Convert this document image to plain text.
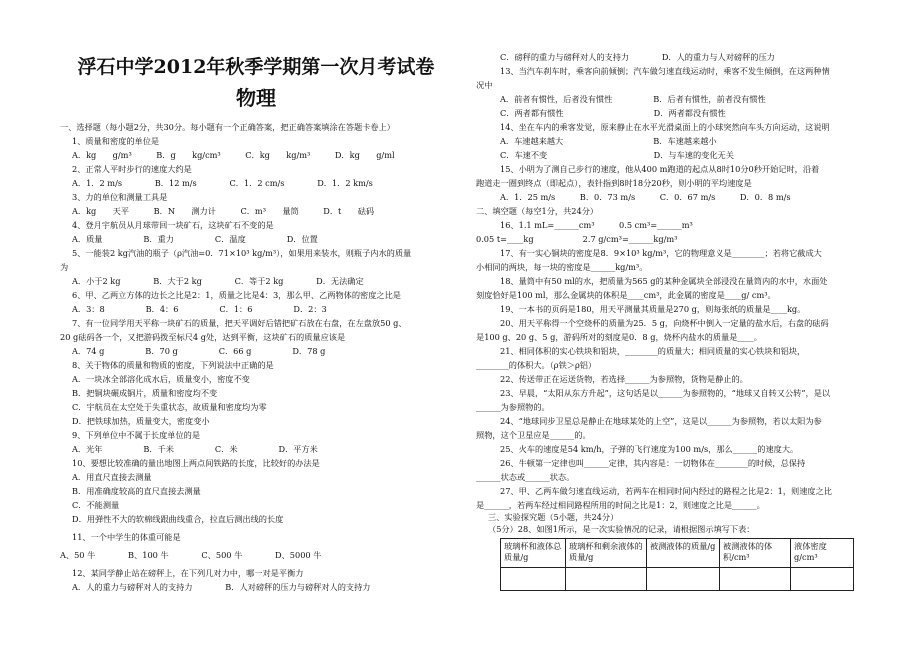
浮石中学2012年秋季学期第一次月考试卷
物理
一、选择题（每小题2分，共30分。每小题有一个正确答案，把正确答案填涂在答题卡卷上）
1、质量和密度的单位是
A．kg　　g/m³　　　B．g　　kg/cm³　　　C．kg　　kg/m³　　　D．kg　　g/ml
2、正常人平时步行的速度大约是
A．1．2 m/s　　　　B．12 m/s　　　　C．1．2 cm/s　　　　D．1．2 km/s
3、力的单位和测量工具是
A．kg　　天平　　　B．N　　测力计　　　C．m³　　量筒　　　D．t　　砝码
4、登月宇航员从月球带回一块矿石，这块矿石不变的是
A．质量　　　　　B．重力　　　　　C．温度　　　　　D．位置
5、一能装2 kg汽油的瓶子（ρ汽油=0．71×10³ kg/m³），如果用来装水，则瓶子内水的质量
为
A．小于2 kg　　　　B．大于2 kg　　　　C．等于2 kg　　　　D．无法确定
6、甲、乙两立方体的边长之比是2：1，质量之比是4：3，那么甲、乙两物体的密度之比是
A．3：8　　　　　B．4：6　　　　　C．1：6　　　　　D．2：3
7、有一位同学用天平称一块矿石的质量，把天平调好后错把矿石放在右盘，在左盘放50 g、
20 g砝码各一个，又把游码拨至标尺4 g处，达到平衡，这块矿石的质量应该是
A．74 g　　　　　B．70 g　　　　　C．66 g　　　　　D．78 g
8、关于物体的质量和物质的密度，下列说法中正确的是
A．一块冰全部溶化成水后，质量变小，密度不变
B．把铜块碾成铜片，质量和密度均不变
C．宇航员在太空处于失重状态，故质量和密度均为零
D．把铁球加热，质量变大，密度变小
9、下列单位中不属于长度单位的是
A．光年　　　　　B．千米　　　　　C．米　　　　　D．平方米
10、要想比较准确的量出地图上两点间铁路的长度，比较好的办法是
A．用直尺直接去测量
B．用准确度较高的直尺直接去测量
C．不能测量
D．用弹性不大的软棉线跟曲线重合，拉直后测出线的长度
11、一个中学生的体重可能是
A、50 牛　　　　B、100 牛　　　　C、500 牛　　　　D、5000 牛
12、某同学静止站在磅秤上，在下列几对力中，哪一对是平衡力
A．人的重力与磅秤对人的支持力　　　　B．人对磅秤的压力与磅秤对人的支持力
C．磅秤的重力与磅秤对人的支持力　　　　D．人的重力与人对磅秤的压力
13、当汽车刹车时，乘客向前倾倒；汽车做匀速直线运动时，乘客不发生倾倒，在这两种情
况中
A．前者有惯性，后者没有惯性　　　　　B．后者有惯性，前者没有惯性
C．两者都有惯性　　　　　　　　　　　D．两者都没有惯性
14、坐在车内的乘客发觉，原来静止在水平光滑桌面上的小球突然向车头方向运动，这说明
A．车速越来越大　　　　　　　　　　　B．车速越来越小
C．车速不变　　　　　　　　　　　　　D．与车速的变化无关
15、小明为了测自己步行的速度，他从400 m跑道的起点从8时10分0秒开始记时，沿着
跑道走一圈到终点（即起点），表针指到8时18分20秒，则小明的平均速度是
A．1．25 m/s　　　B．0．73 m/s　　　C．0．67 m/s　　　D．0．8 m/s
二、填空题（每空1分，共24分）
16、1.1 mL=______cm³　　　0.5 cm³=______m³
0.05 t=____kg　　　　　　2.7 g/cm³=______kg/m³
17、有一实心铜块的密度是8．9×10³ kg/m³，它的物理意义是________；若将它截成大
小相同的两块，每一块的密度是______kg/m³。
18、量筒中有50 ml的水，把质量为565 g的某种金属块全部浸没在量筒内的水中，水面处
刻度恰好是100 ml，那么金属块的体积是____cm³，此金属的密度是____g/ cm³。
19、一本书的页码是180，用天平测量其质量是270 g，则每张纸的质量是____kg。
20、用天平称得一个空烧杯的质量为25．5 g，向烧杯中倒入一定量的盐水后，右盘的砝码
是100 g、20 g、5 g，游码所对的刻度是0．8 g，烧杯内盐水的质量是____。
21、相同体积的实心铁块和铝块，________的质量大；相同质量的实心铁块和铝块，
________的体积大。（ρ铁＞ρ铝）
22、传送带正在运送货物，若选择______为参照物，货物是静止的。
23、早晨，“太阳从东方升起”，这句话是以______为参照物的，“地球又自转又公转”，是以
______为参照物的。
24、“地球同步卫星总是静止在地球某处的上空”，这是以______为参照物，若以太阳为参
照物，这个卫星应是______的。
25、火车的速度是54 km/h，子弹的飞行速度为100 m/s，那么______的速度大。
26、牛顿第一定律也叫______定律，其内容是：一切物体在________的时候，总保持
______状态或______状态。
27、甲、乙两车做匀速直线运动，若两车在相同时间内经过的路程之比是2：1，则速度之比
是______，若两车经过相同路程所用的时间之比是1：2，则速度之比是______。
三、实验探究题（5小题，共24分）
（5分）28、如图1所示，是一次实验情况的记录，请根据图示填写下表：
玻璃杯和液体总质量/g	玻璃杯和剩余液体的质量/g	被测液体的质量/g	被测液体的体积/cm³	液体密度g/cm³
